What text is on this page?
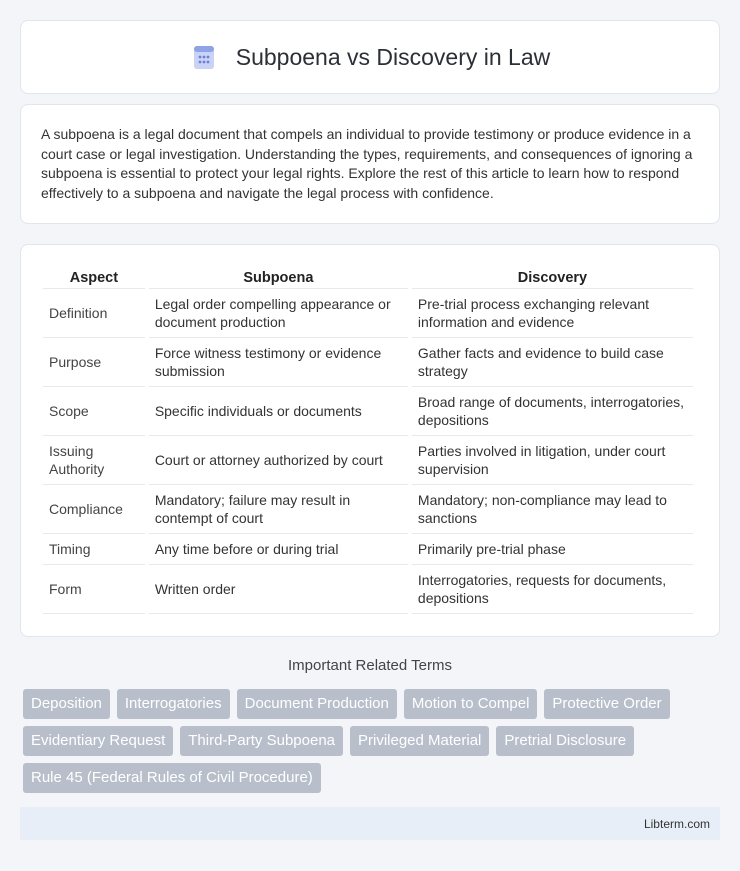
Subpoena vs Discovery in Law

A subpoena is a legal document that compels an individual to provide testimony or produce evidence in a court case or legal investigation. Understanding the types, requirements, and consequences of ignoring a subpoena is essential to protect your legal rights. Explore the rest of this article to learn how to respond effectively to a subpoena and navigate the legal process with confidence.

Aspect	Subpoena	Discovery
Definition	Legal order compelling appearance or document production	Pre-trial process exchanging relevant information and evidence
Purpose	Force witness testimony or evidence submission	Gather facts and evidence to build case strategy
Scope	Specific individuals or documents	Broad range of documents, interrogatories, depositions
Issuing Authority	Court or attorney authorized by court	Parties involved in litigation, under court supervision
Compliance	Mandatory; failure may result in contempt of court	Mandatory; non-compliance may lead to sanctions
Timing	Any time before or during trial	Primarily pre-trial phase
Form	Written order	Interrogatories, requests for documents, depositions
Important Related Terms
Deposition	Interrogatories	Document Production	Motion to Compel	Protective Order
Evidentiary Request	Third-Party Subpoena	Privileged Material	Pretrial Disclosure
Rule 45 (Federal Rules of Civil Procedure)
Libterm.com
